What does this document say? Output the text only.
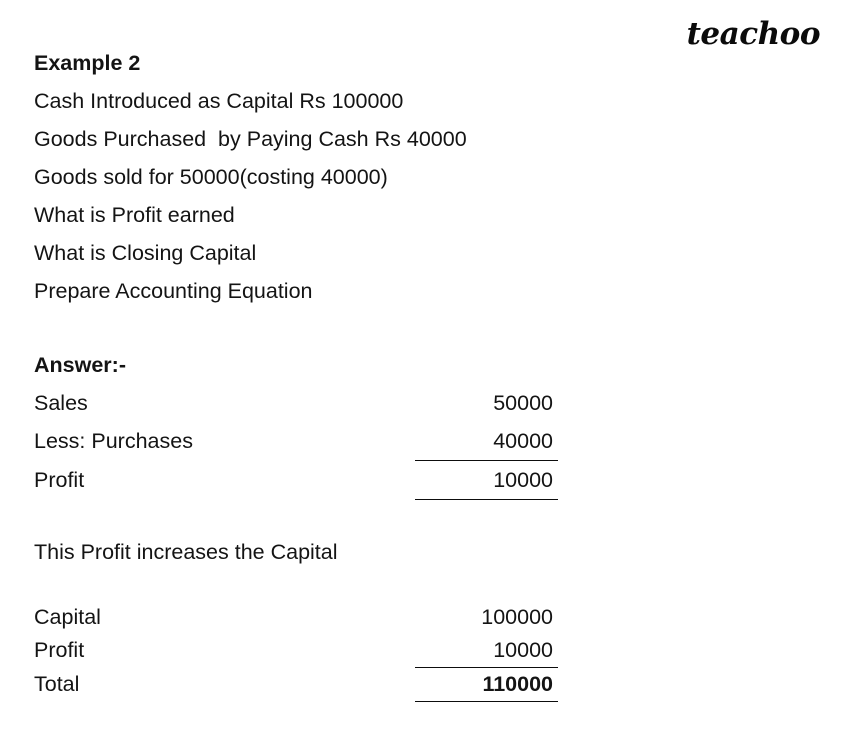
teachoo
Example 2
Cash Introduced as Capital Rs 100000
Goods Purchased  by Paying Cash Rs 40000
Goods sold for 50000(costing 40000)
What is Profit earned
What is Closing Capital
Prepare Accounting Equation
Answer:-
Sales	50000
Less: Purchases	40000
Profit	10000
This Profit increases the Capital
Capital	100000
Profit	10000
Total	110000
